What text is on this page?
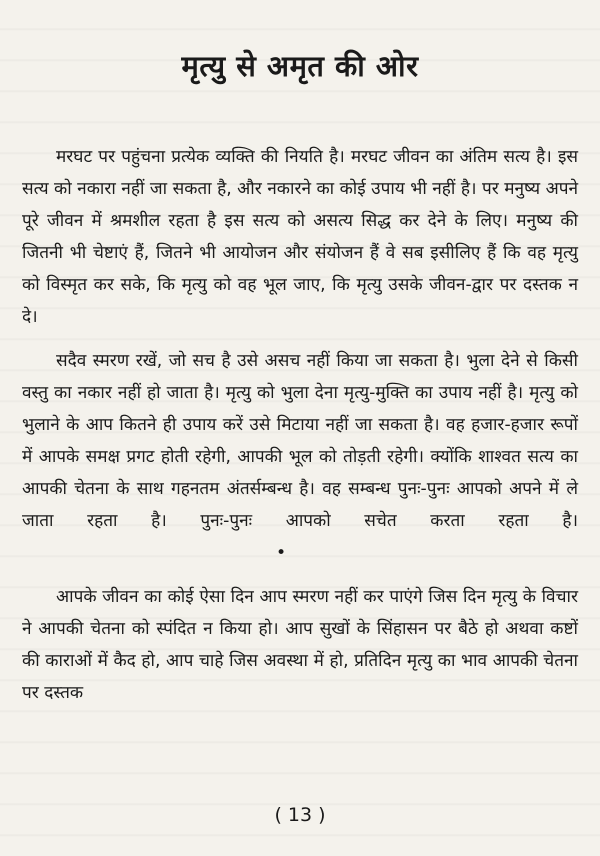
मृत्यु से अमृत की ओर

मरघट पर पहुंचना प्रत्येक व्यक्ति की नियति है। मरघट जीवन का अंतिम सत्य है। इस सत्य को नकारा नहीं जा सकता है, और नकारने का कोई उपाय भी नहीं है। पर मनुष्य अपने पूरे जीवन में श्रमशील रहता है इस सत्य को असत्य सिद्ध कर देने के लिए। मनुष्य की जितनी भी चेष्टाएं हैं, जितने भी आयोजन और संयोजन हैं वे सब इसीलिए हैं कि वह मृत्यु को विस्मृत कर सके, कि मृत्यु को वह भूल जाए, कि मृत्यु उसके जीवन-द्वार पर दस्तक न दे।

सदैव स्मरण रखें, जो सच है उसे असच नहीं किया जा सकता है। भुला देने से किसी वस्तु का नकार नहीं हो जाता है। मृत्यु को भुला देना मृत्यु-मुक्ति का उपाय नहीं है। मृत्यु को भुलाने के आप कितने ही उपाय करें उसे मिटाया नहीं जा सकता है। वह हजार-हजार रूपों में आपके समक्ष प्रगट होती रहेगी, आपकी भूल को तोड़ती रहेगी। क्योंकि शाश्वत सत्य का आपकी चेतना के साथ गहनतम अंतर्सम्बन्ध है। वह सम्बन्ध पुनः-पुनः आपको अपने में ले जाता रहता है। पुनः-पुनः आपको सचेत करता रहता है।•

आपके जीवन का कोई ऐसा दिन आप स्मरण नहीं कर पाएंगे जिस दिन मृत्यु के विचार ने आपकी चेतना को स्पंदित न किया हो। आप सुखों के सिंहासन पर बैठे हो अथवा कष्टों की काराओं में कैद हो, आप चाहे जिस अवस्था में हो, प्रतिदिन मृत्यु का भाव आपकी चेतना पर दस्तक

( 13 )
